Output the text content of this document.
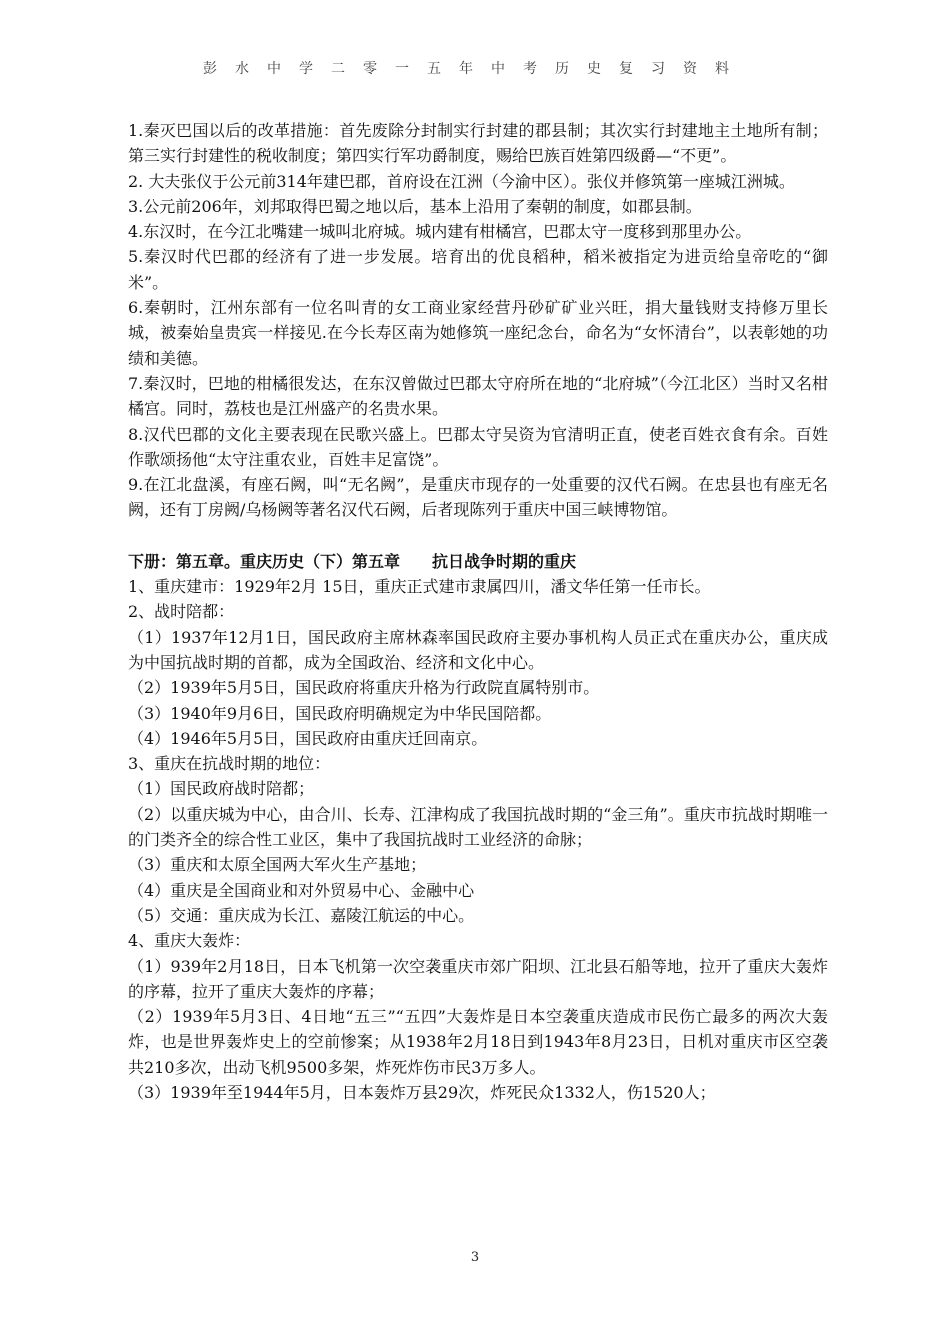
彭水中学二零一五年中考历史复习资料

1.秦灭巴国以后的改革措施：首先废除分封制实行封建的郡县制；其次实行封建地主土地所有制；第三实行封建性的税收制度；第四实行军功爵制度，赐给巴族百姓第四级爵—“不更”。

2. 大夫张仪于公元前314年建巴郡，首府设在江洲（今渝中区）。张仪并修筑第一座城江洲城。

3.公元前206年，刘邦取得巴蜀之地以后，基本上沿用了秦朝的制度，如郡县制。

4.东汉时，在今江北嘴建一城叫北府城。城内建有柑橘宫，巴郡太守一度移到那里办公。

5.秦汉时代巴郡的经济有了进一步发展。培育出的优良稻种，稻米被指定为进贡给皇帝吃的“御米”。

6.秦朝时，江州东部有一位名叫青的女工商业家经营丹砂矿矿业兴旺，捐大量钱财支持修万里长城，被秦始皇贵宾一样接见.在今长寿区南为她修筑一座纪念台，命名为“女怀清台”，以表彰她的功绩和美德。

7.秦汉时，巴地的柑橘很发达，在东汉曾做过巴郡太守府所在地的“北府城”（今江北区）当时又名柑橘宫。同时，荔枝也是江州盛产的名贵水果。

8.汉代巴郡的文化主要表现在民歌兴盛上。巴郡太守吴资为官清明正直，使老百姓衣食有余。百姓作歌颂扬他“太守注重农业，百姓丰足富饶”。

9.在江北盘溪，有座石阙，叫“无名阙”，是重庆市现存的一处重要的汉代石阙。在忠县也有座无名阙，还有丁房阙/乌杨阙等著名汉代石阙，后者现陈列于重庆中国三峡博物馆。

下册：第五章。重庆历史（下）第五章　　抗日战争时期的重庆

1、重庆建市：1929年2月 15日，重庆正式建市隶属四川，潘文华任第一任市长。

2、战时陪都：

（1）1937年12月1日，国民政府主席林森率国民政府主要办事机构人员正式在重庆办公，重庆成为中国抗战时期的首都，成为全国政治、经济和文化中心。

（2）1939年5月5日，国民政府将重庆升格为行政院直属特别市。

（3）1940年9月6日，国民政府明确规定为中华民国陪都。

（4）1946年5月5日，国民政府由重庆迁回南京。

3、重庆在抗战时期的地位：

（1）国民政府战时陪都；

（2）以重庆城为中心，由合川、长寿、江津构成了我国抗战时期的“金三角”。重庆市抗战时期唯一的门类齐全的综合性工业区，集中了我国抗战时工业经济的命脉；

（3）重庆和太原全国两大军火生产基地；

（4）重庆是全国商业和对外贸易中心、金融中心

（5）交通：重庆成为长江、嘉陵江航运的中心。

4、重庆大轰炸：

（1）939年2月18日，日本飞机第一次空袭重庆市郊广阳坝、江北县石船等地，拉开了重庆大轰炸的序幕，拉开了重庆大轰炸的序幕；

（2）1939年5月3日、4日地“五三”“五四”大轰炸是日本空袭重庆造成市民伤亡最多的两次大轰炸，也是世界轰炸史上的空前惨案；从1938年2月18日到1943年8月23日，日机对重庆市区空袭共210多次，出动飞机9500多架，炸死炸伤市民3万多人。

（3）1939年至1944年5月，日本轰炸万县29次，炸死民众1332人，伤1520人；

3
